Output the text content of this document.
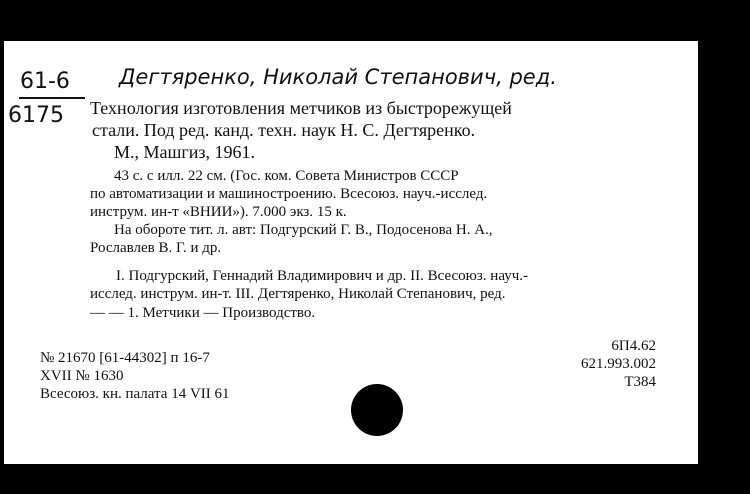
61-6
6175
Дегтяренко, Николай Степанович, ред.
Технология изготовления метчиков из быстрорежущей
стали. Под ред. канд. техн. наук Н. С. Дегтяренко.
М., Машгиз, 1961.
43 с. с илл. 22 см. (Гос. ком. Совета Министров СССР
по автоматизации и машиностроению. Всесоюз. науч.-исслед.
инструм. ин-т «ВНИИ»). 7.000 экз. 15 к.
На обороте тит. л. авт: Подгурский Г. В., Подосенова Н. А.,
Рославлев В. Г. и др.
I. Подгурский, Геннадий Владимирович и др. II. Всесоюз. науч.-
исслед. инструм. ин-т. III. Дегтяренко, Николай Степанович, ред.
— — 1. Метчики — Производство.
№ 21670 [61-44302] п 16-7
XVII № 1630
Всесоюз. кн. палата 14 VII 61
6П4.62
621.993.002
Т384
